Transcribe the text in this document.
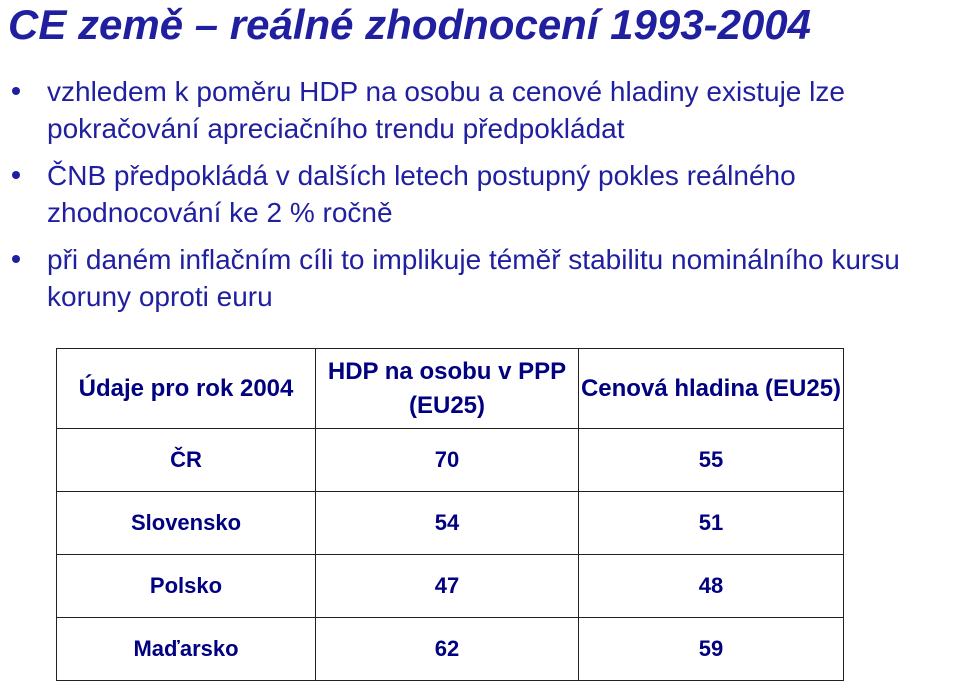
CE země – reálné zhodnocení 1993-2004
vzhledem k poměru HDP na osobu a cenové hladiny existuje lze pokračování apreciačního trendu předpokládat
ČNB předpokládá v dalších letech postupný pokles reálného zhodnocování ke 2 % ročně
při daném inflačním cíli to implikuje téměř stabilitu nominálního kursu koruny oproti euru
Údaje pro rok 2004	HDP na osobu v PPP (EU25)	Cenová hladina (EU25)
ČR	70	55
Slovensko	54	51
Polsko	47	48
Maďarsko	62	59
